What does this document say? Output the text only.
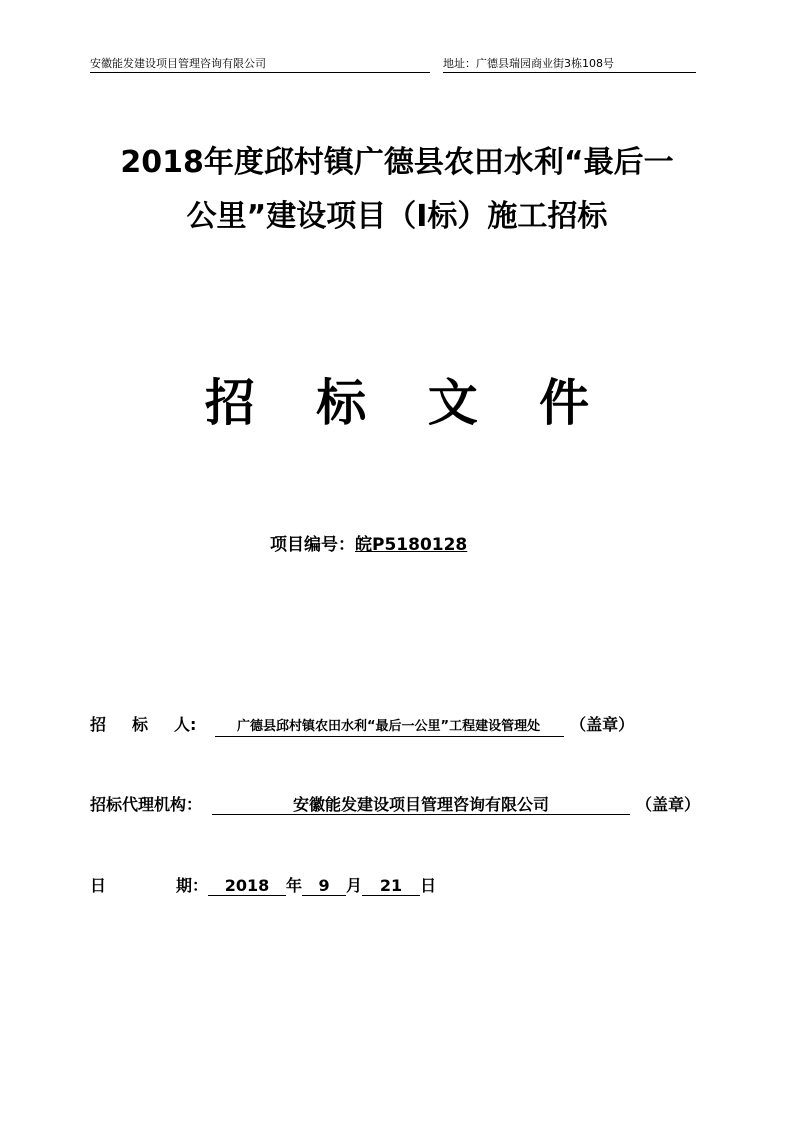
安徽能发建设项目管理咨询有限公司	地址：广德县瑞园商业街3栋108号
2018年度邱村镇广德县农田水利“最后一
公里”建设项目（Ⅰ标）施工招标
招 标 文 件
项目编号：皖P5180128
招 标 人:	广德县邱村镇农田水利“最后一公里”工程建设管理处 （盖章）
招标代理机构：	安徽能发建设项目管理咨询有限公司	（盖章）
日	期： 2018 年 9 月 21 日
